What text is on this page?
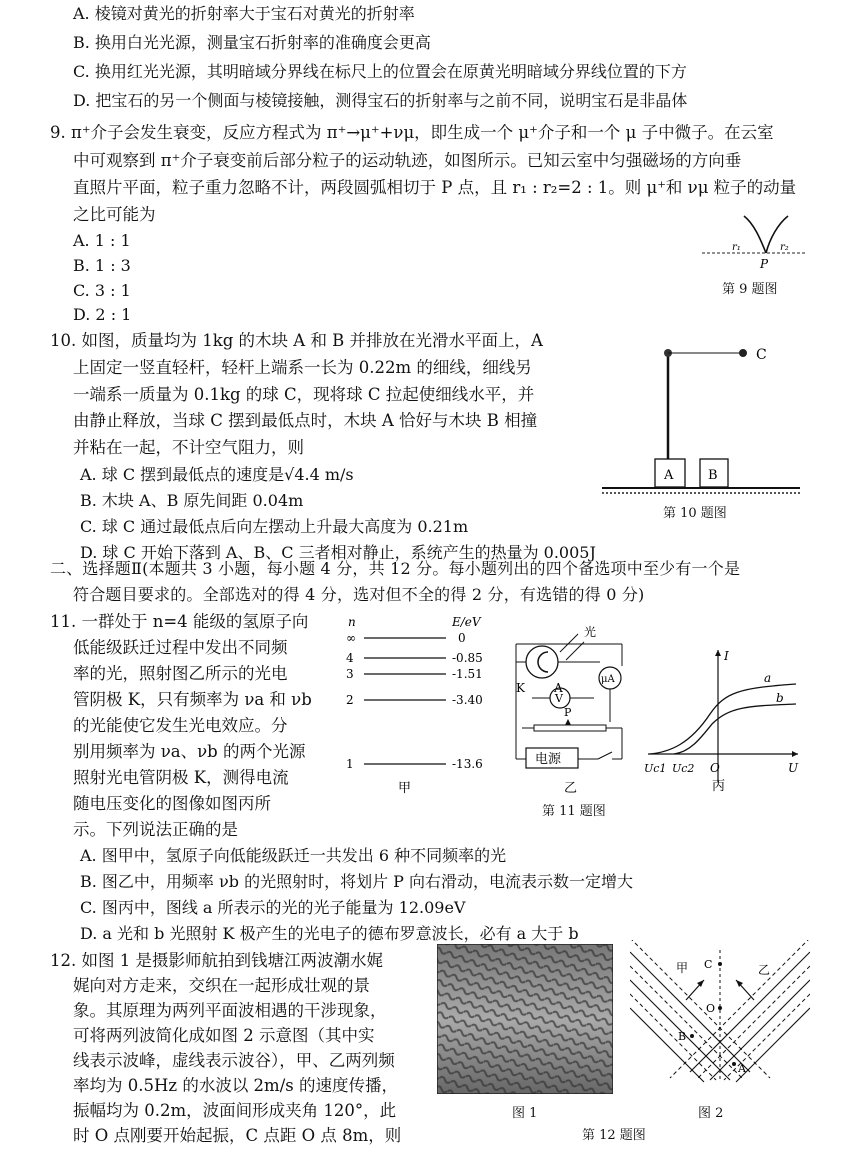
A. 棱镜对黄光的折射率大于宝石对黄光的折射率
B. 换用白光光源，测量宝石折射率的准确度会更高
C. 换用红光光源，其明暗域分界线在标尺上的位置会在原黄光明暗域分界线位置的下方
D. 把宝石的另一个侧面与棱镜接触，测得宝石的折射率与之前不同，说明宝石是非晶体
9. π⁺介子会发生衰变，反应方程式为 π⁺→μ⁺+νμ，即生成一个 μ⁺介子和一个 μ 子中微子。在云室
中可观察到 π⁺介子衰变前后部分粒子的运动轨迹，如图所示。已知云室中匀强磁场的方向垂
直照片平面，粒子重力忽略不计，两段圆弧相切于 P 点，且 r₁ : r₂=2 : 1。则 μ⁺和 νμ 粒子的动量
之比可能为
A. 1 : 1
B. 1 : 3
C. 3 : 1
D. 2 : 1
r₁	r₂
P
第 9 题图
10. 如图，质量均为 1kg 的木块 A 和 B 并排放在光滑水平面上，A
上固定一竖直轻杆，轻杆上端系一长为 0.22m 的细线，细线另
一端系一质量为 0.1kg 的球 C，现将球 C 拉起使细线水平，并
由静止释放，当球 C 摆到最低点时，木块 A 恰好与木块 B 相撞
并粘在一起，不计空气阻力，则
A. 球 C 摆到最低点的速度是√4.4 m/s
B. 木块 A、B 原先间距 0.04m
C. 球 C 通过最低点后向左摆动上升最大高度为 0.21m
D. 球 C 开始下落到 A、B、C 三者相对静止，系统产生的热量为 0.005J
C
A	B
第 10 题图
二、选择题Ⅱ(本题共 3 小题，每小题 4 分，共 12 分。每小题列出的四个备选项中至少有一个是
符合题目要求的。全部选对的得 4 分，选对但不全的得 2 分，有选错的得 0 分)
11. 一群处于 n=4 能级的氢原子向
低能级跃迁过程中发出不同频
率的光，照射图乙所示的光电
管阴极 K，只有频率为 νa 和 νb
的光能使它发生光电效应。分
别用频率为 νa、νb 的两个光源
照射光电管阴极 K，测得电流
随电压变化的图像如图丙所
示。下列说法正确的是
n	E/eV
∞	0
4	-0.85
3	-1.51
2	-3.40
1	-13.6
甲
光
K A
μA
V
P
电源
乙
第 11 题图
I
U
O
a
b
Uc1 Uc2
丙
A. 图甲中，氢原子向低能级跃迁一共发出 6 种不同频率的光
B. 图乙中，用频率 νb 的光照射时，将划片 P 向右滑动，电流表示数一定增大
C. 图丙中，图线 a 所表示的光的光子能量为 12.09eV
D. a 光和 b 光照射 K 极产生的光电子的德布罗意波长，必有 a 大于 b
12. 如图 1 是摄影师航拍到钱塘江两波潮水娓
娓向对方走来，交织在一起形成壮观的景
象。其原理为两列平面波相遇的干涉现象，
可将两列波简化成如图 2 示意图（其中实
线表示波峰，虚线表示波谷），甲、乙两列频
率均为 0.5Hz 的水波以 2m/s 的速度传播，
振幅均为 0.2m，波面间形成夹角 120°，此
时 O 点刚要开始起振，C 点距 O 点 8m，则
图 1
甲	乙
C
O
B
A
图 2
第 12 题图
